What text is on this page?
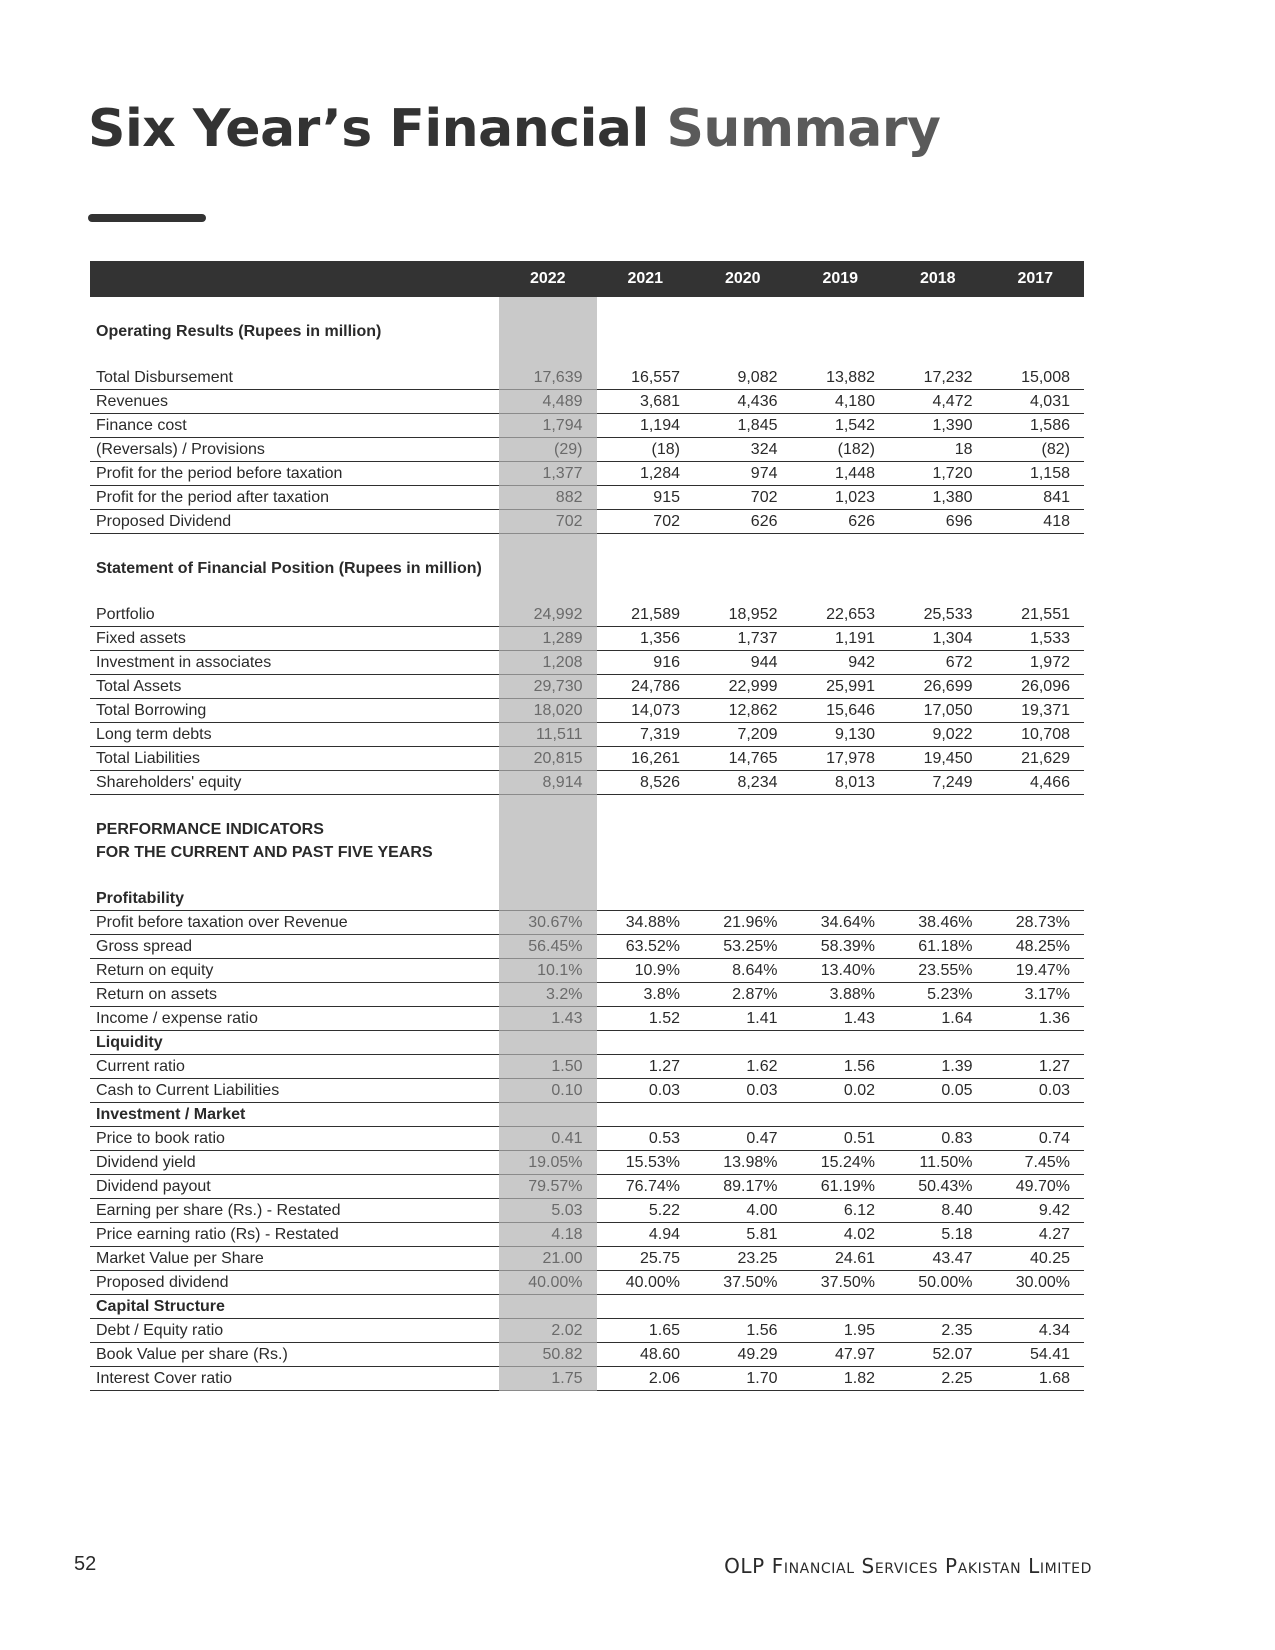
Six Year’s Financial Summary
	2022	2021	2020	2019	2018	2017

Operating Results (Rupees in million)						

Total Disbursement	17,639	16,557	9,082	13,882	17,232	15,008
Revenues	4,489	3,681	4,436	4,180	4,472	4,031
Finance cost	1,794	1,194	1,845	1,542	1,390	1,586
(Reversals) / Provisions	(29)	(18)	324	(182)	18	(82)
Profit for the period before taxation	1,377	1,284	974	1,448	1,720	1,158
Profit for the period after taxation	882	915	702	1,023	1,380	841
Proposed Dividend	702	702	626	626	696	418

Statement of Financial Position (Rupees in million)						

Portfolio	24,992	21,589	18,952	22,653	25,533	21,551
Fixed assets	1,289	1,356	1,737	1,191	1,304	1,533
Investment in associates	1,208	916	944	942	672	1,972
Total Assets	29,730	24,786	22,999	25,991	26,699	26,096
Total Borrowing	18,020	14,073	12,862	15,646	17,050	19,371
Long term debts	11,511	7,319	7,209	9,130	9,022	10,708
Total Liabilities	20,815	16,261	14,765	17,978	19,450	21,629
Shareholders' equity	8,914	8,526	8,234	8,013	7,249	4,466

PERFORMANCE INDICATORS						
FOR THE CURRENT AND PAST FIVE YEARS						

Profitability						
Profit before taxation over Revenue	30.67%	34.88%	21.96%	34.64%	38.46%	28.73%
Gross spread	56.45%	63.52%	53.25%	58.39%	61.18%	48.25%
Return on equity	10.1%	10.9%	8.64%	13.40%	23.55%	19.47%
Return on assets	3.2%	3.8%	2.87%	3.88%	5.23%	3.17%
Income / expense ratio	1.43	1.52	1.41	1.43	1.64	1.36
Liquidity						
Current ratio	1.50	1.27	1.62	1.56	1.39	1.27
Cash to Current Liabilities	0.10	0.03	0.03	0.02	0.05	0.03
Investment / Market						
Price to book ratio	0.41	0.53	0.47	0.51	0.83	0.74
Dividend yield	19.05%	15.53%	13.98%	15.24%	11.50%	7.45%
Dividend payout	79.57%	76.74%	89.17%	61.19%	50.43%	49.70%
Earning per share (Rs.) - Restated	5.03	5.22	4.00	6.12	8.40	9.42
Price earning ratio (Rs) - Restated	4.18	4.94	5.81	4.02	5.18	4.27
Market Value per Share	21.00	25.75	23.25	24.61	43.47	40.25
Proposed dividend	40.00%	40.00%	37.50%	37.50%	50.00%	30.00%
Capital Structure						
Debt / Equity ratio	2.02	1.65	1.56	1.95	2.35	4.34
Book Value per share (Rs.)	50.82	48.60	49.29	47.97	52.07	54.41
Interest Cover ratio	1.75	2.06	1.70	1.82	2.25	1.68
52	OLP Financial Services Pakistan Limited
